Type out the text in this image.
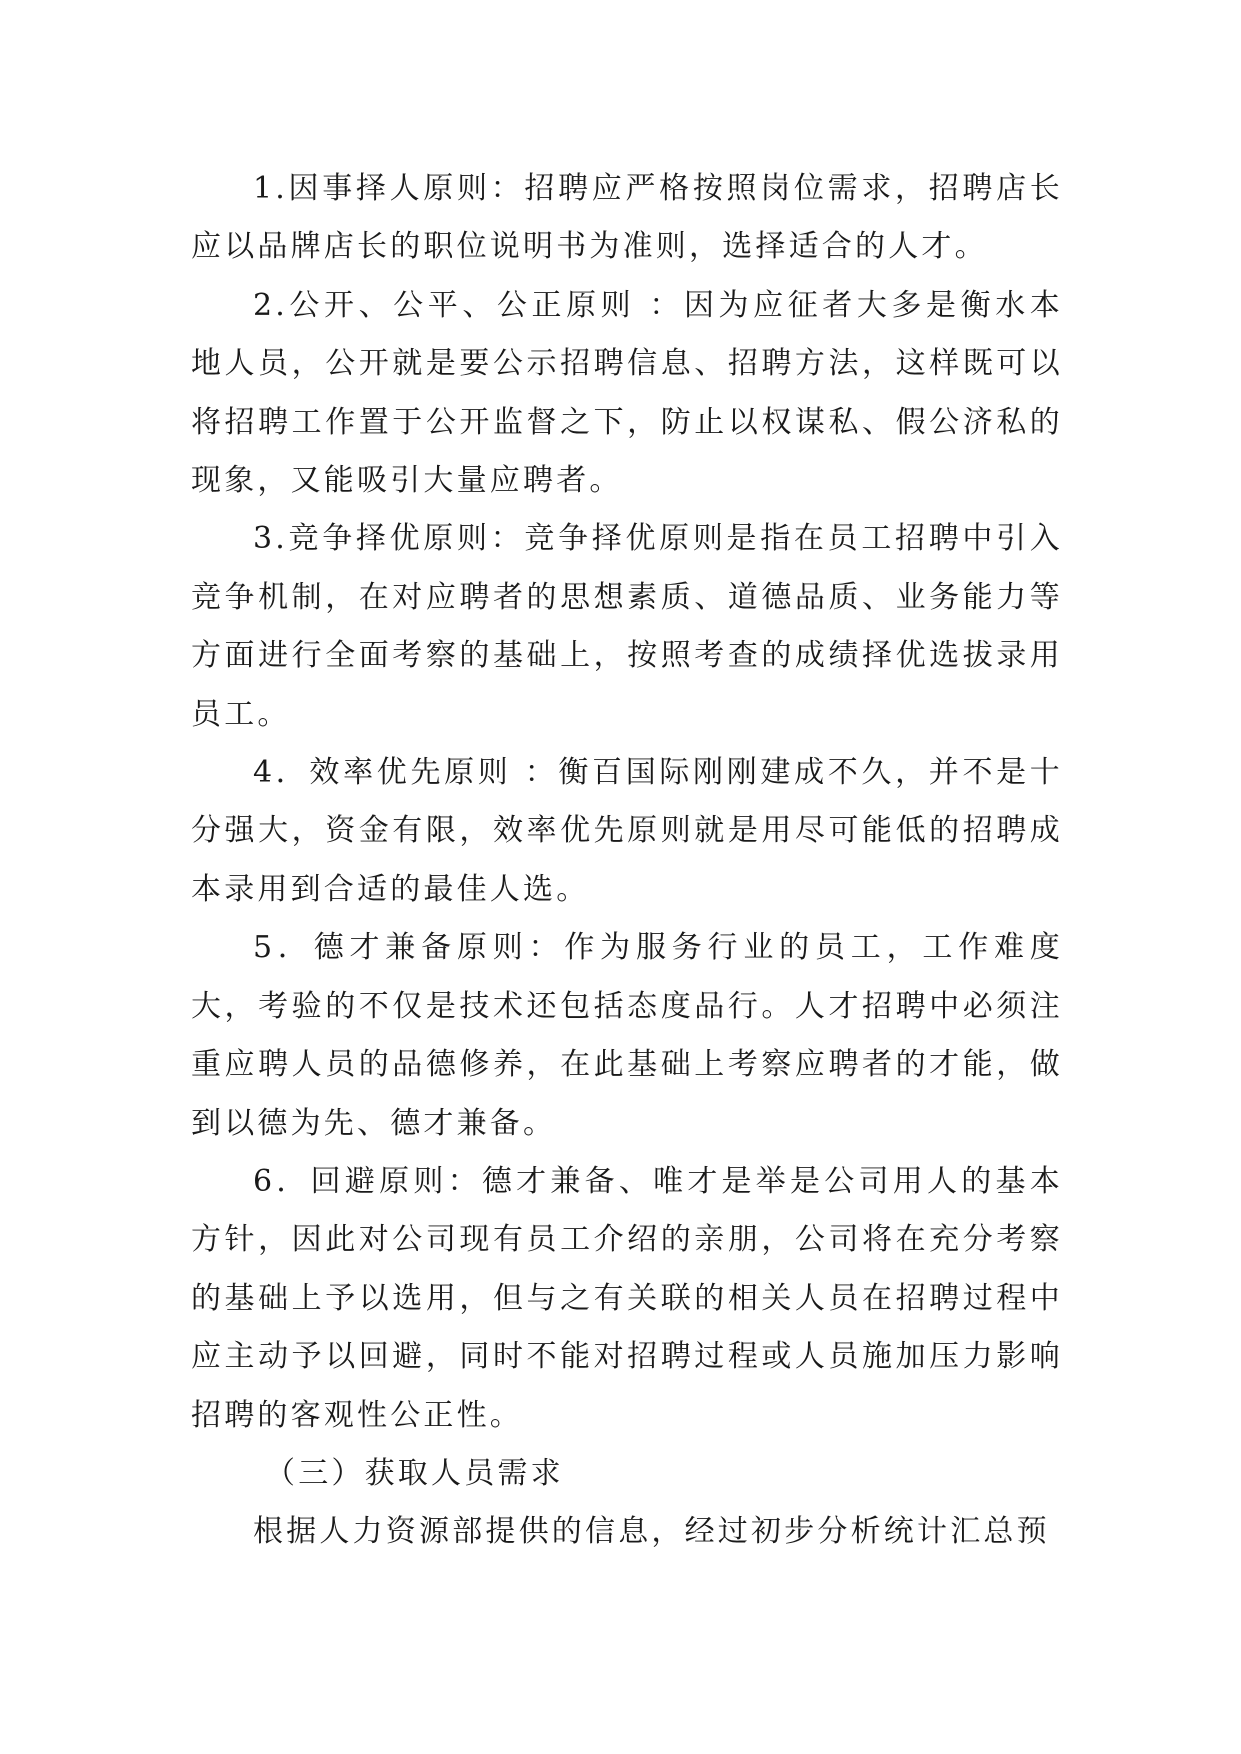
1.因事择人原则：招聘应严格按照岗位需求，招聘店长应以品牌店长的职位说明书为准则，选择适合的人才。

2.公开、公平、公正原则 ：因为应征者大多是衡水本地人员，公开就是要公示招聘信息、招聘方法，这样既可以将招聘工作置于公开监督之下，防止以权谋私、假公济私的现象，又能吸引大量应聘者。

3.竞争择优原则：竞争择优原则是指在员工招聘中引入竞争机制，在对应聘者的思想素质、道德品质、业务能力等方面进行全面考察的基础上，按照考查的成绩择优选拔录用员工。

4．效率优先原则 ：衡百国际刚刚建成不久，并不是十分强大，资金有限，效率优先原则就是用尽可能低的招聘成本录用到合适的最佳人选。

5．德才兼备原则：作为服务行业的员工，工作难度大，考验的不仅是技术还包括态度品行。人才招聘中必须注重应聘人员的品德修养，在此基础上考察应聘者的才能，做到以德为先、德才兼备。

6．回避原则：德才兼备、唯才是举是公司用人的基本方针，因此对公司现有员工介绍的亲朋，公司将在充分考察的基础上予以选用，但与之有关联的相关人员在招聘过程中应主动予以回避，同时不能对招聘过程或人员施加压力影响招聘的客观性公正性。

（三）获取人员需求

根据人力资源部提供的信息，经过初步分析统计汇总预
